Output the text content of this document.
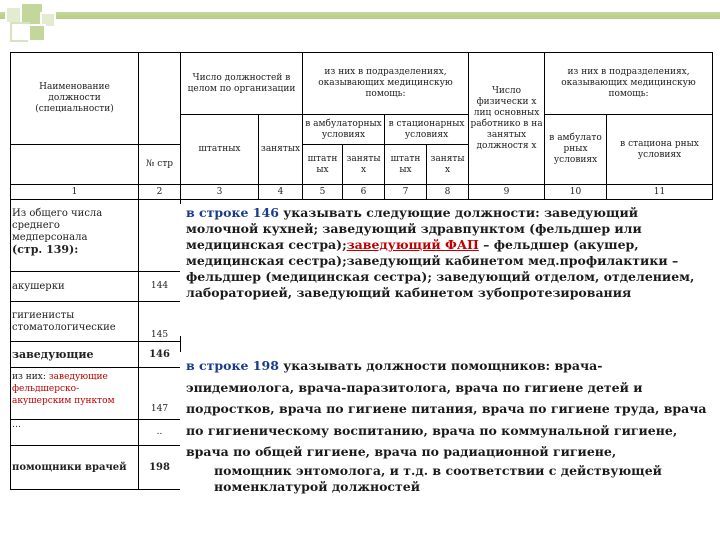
Наименование должности (специальности)		Число должностей в целом по организации		из них в подразделениях, оказывающих медицинскую помощь:				Число физически х лиц основных работнико в на занятых должностя х	из них в подразделениях, оказывающих медицинскую помощь:	
		штатных	занятых	в амбулаторных условиях		в стационарных условиях			в амбулато рных условиях	в стациона рных условиях
	№ стр			штатн ых	заняты х	штатн ых	заняты х			
1	2	3	4	5	6	7	8	9	10	11
Из общего числа среднего медперсонала
(стр. 139):										
акушерки	144									
гигиенисты стоматологические	145									
заведующие	146									
из них: заведующие фельдшерско-акушерским пунктом	147									
…	..									
помощники врачей	198									
в строке 146 указывать следующие должности: заведующий молочной кухней; заведующий здравпунктом (фельдшер или медицинская сестра);заведующий ФАП – фельдшер (акушер, медицинская сестра);заведующий кабинетом мед.профилактики – фельдшер (медицинская сестра); заведующий отделом, отделением, лабораторией, заведующий кабинетом зубопротезирования
в строке 198 указывать должности помощников: врача-эпидемиолога, врача-паразитолога, врача по гигиене детей и подростков, врача по гигиене питания, врача по гигиене труда, врача по гигиеническому воспитанию, врача по коммунальной гигиене, врача по общей гигиене, врача по радиационной гигиене,
помощник энтомолога, и т.д. в соответствии с действующей номенклатурой должностей
